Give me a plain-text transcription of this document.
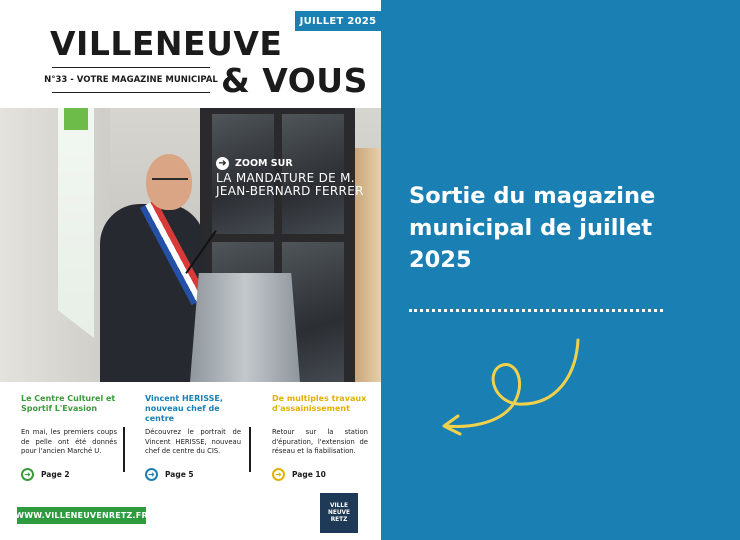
JUILLET 2025
VILLENEUVE
N°33 - VOTRE MAGAZINE MUNICIPAL & VOUS
➜ ZOOM SUR
LA MANDATURE DE M. JEAN-BERNARD FERRER
Le Centre Culturel et Sportif L'Evasion
En mai, les premiers coups de pelle ont été donnés pour l'ancien Marché U.
➜	Page 2
Vincent HERISSE, nouveau chef de centre
Découvrez le portrait de Vincent HERISSE, nouveau chef de centre du CIS.
➜	Page 5
De multiples travaux d'assainissement
Retour sur la station d'épuration, l'extension de réseau et la fiabilisation.
➜	Page 10
WWW.VILLENEUVENRETZ.FR
VILLE
NEUVE
RETZ
Sortie du magazine municipal de juillet 2025
